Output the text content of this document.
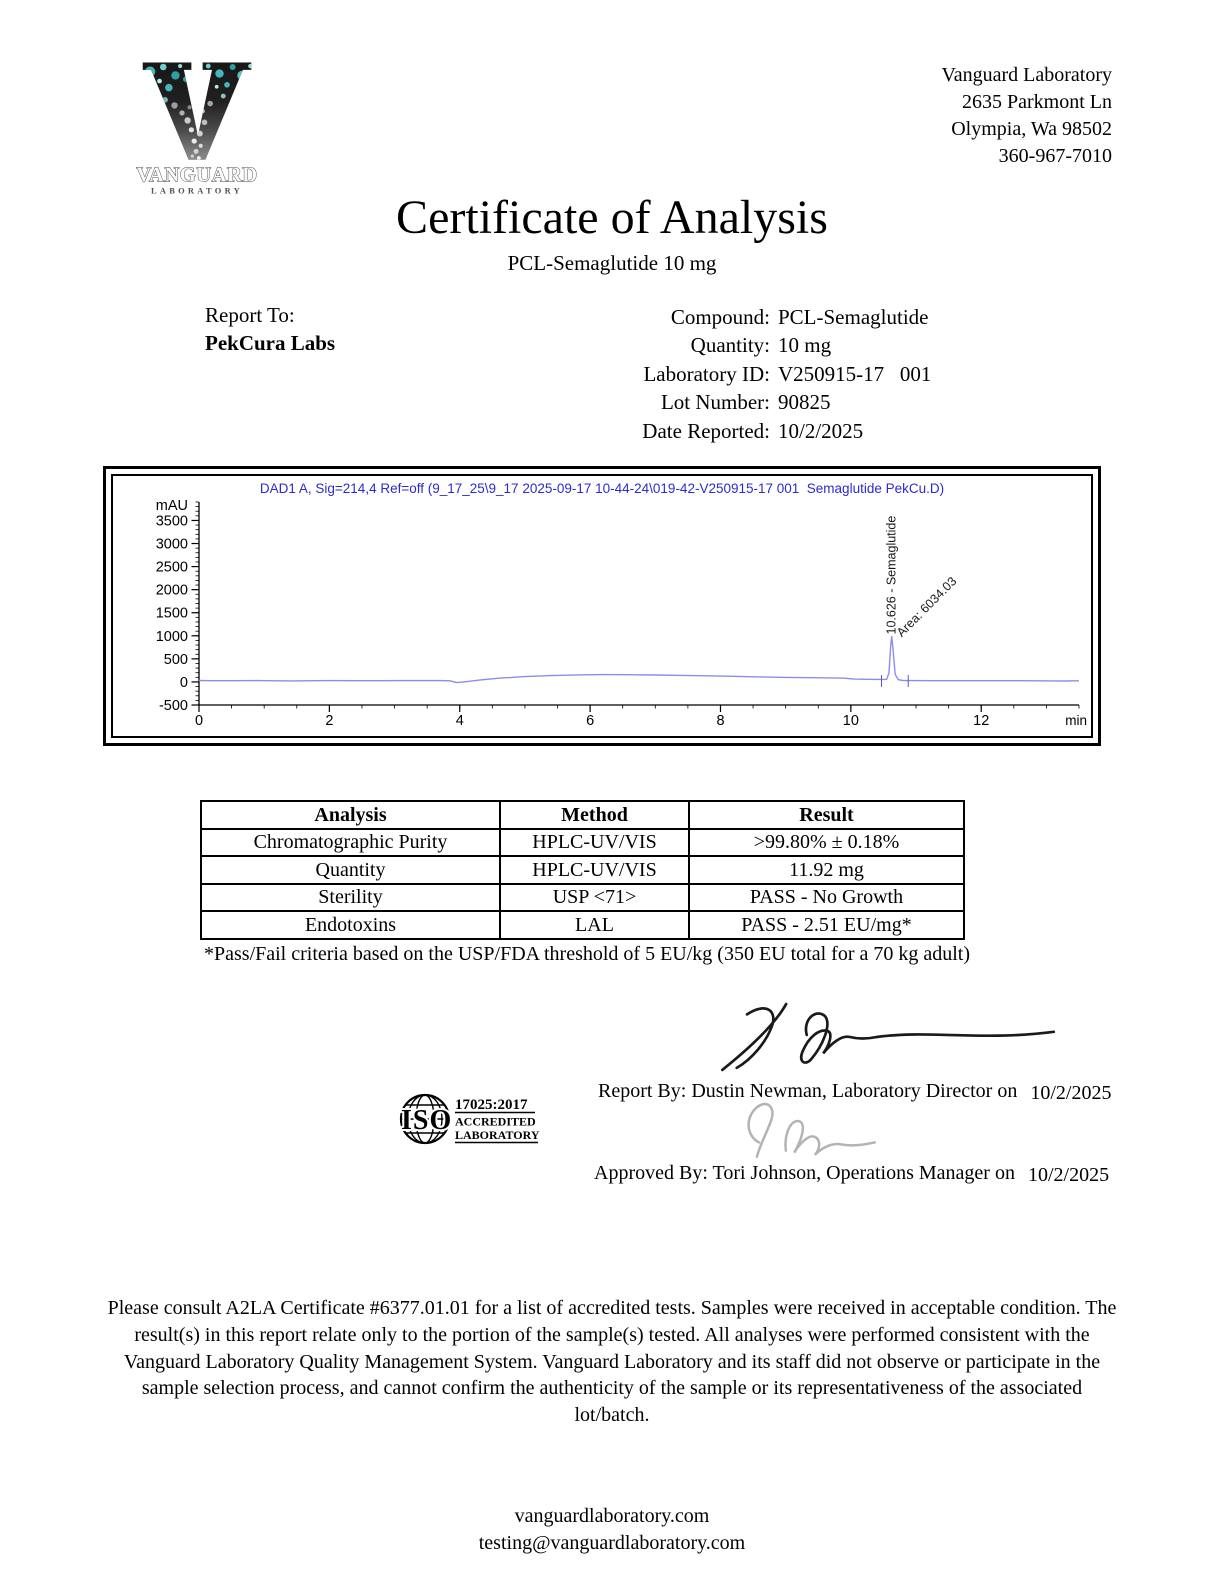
VANGUARD
LABORATORY
Vanguard Laboratory
2635 Parkmont Ln
Olympia, Wa 98502
360-967-7010
Certificate of Analysis
PCL-Semaglutide 10 mg
Report To:
PekCura Labs
Compound: PCL-Semaglutide
Quantity: 10 mg
Laboratory ID: V250915-17   001
Lot Number: 90825
Date Reported: 10/2/2025
DAD1 A, Sig=214,4 Ref=off (9_17_25\9_17 2025-09-17 10-44-24\019-42-V250915-17 001  Semaglutide PekCu.D)
-500
0
500
1000
1500
2000
2500
3000
3500
mAU
0	2	4	6	8	10	12	min
10.626 - Semaglutide
Area: 6034.03
Analysis	Method	Result
Chromatographic Purity	HPLC-UV/VIS	>99.80% ± 0.18%
Quantity	HPLC-UV/VIS	11.92 mg
Sterility	USP <71>	PASS - No Growth
Endotoxins	LAL	PASS - 2.51 EU/mg*
*Pass/Fail criteria based on the USP/FDA threshold of 5 EU/kg (350 EU total for a 70 kg adult)
Report By: Dustin Newman, Laboratory Director on 10/2/2025
ISO 17025:2017
ACCREDITED
LABORATORY
Approved By: Tori Johnson, Operations Manager on 10/2/2025
Please consult A2LA Certificate #6377.01.01 for a list of accredited tests. Samples were received in acceptable condition. The result(s) in this report relate only to the portion of the sample(s) tested. All analyses were performed consistent with the Vanguard Laboratory Quality Management System. Vanguard Laboratory and its staff did not observe or participate in the sample selection process, and cannot confirm the authenticity of the sample or its representativeness of the associated lot/batch.
vanguardlaboratory.com
testing@vanguardlaboratory.com
